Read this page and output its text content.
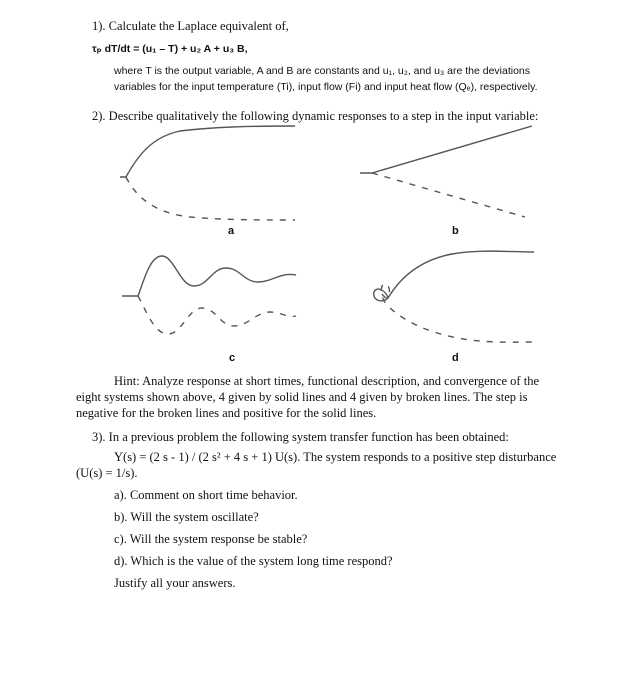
1). Calculate the Laplace equivalent of,
τₚ dT/dt = (u₁ – T) + u₂ A + u₃ B,
where T is the output variable, A and B are constants and u₁, u₂, and u₃ are the deviations
variables for the input temperature (Ti), input flow (Fi) and input heat flow (Qₑ), respectively.
2). Describe qualitatively the following dynamic responses to a step in the input variable:
a	b
c	d
Hint: Analyze response at short times, functional description, and convergence of the
eight systems shown above, 4 given by solid lines and 4 given by broken lines. The step is
negative for the broken lines and positive for the solid lines.
3). In a previous problem the following system transfer function has been obtained:
Y(s) = (2 s - 1) / (2 s² + 4 s + 1) U(s). The system responds to a positive step disturbance
(U(s) = 1/s).
a). Comment on short time behavior.
b). Will the system oscillate?
c). Will the system response be stable?
d). Which is the value of the system long time respond?
Justify all your answers.
